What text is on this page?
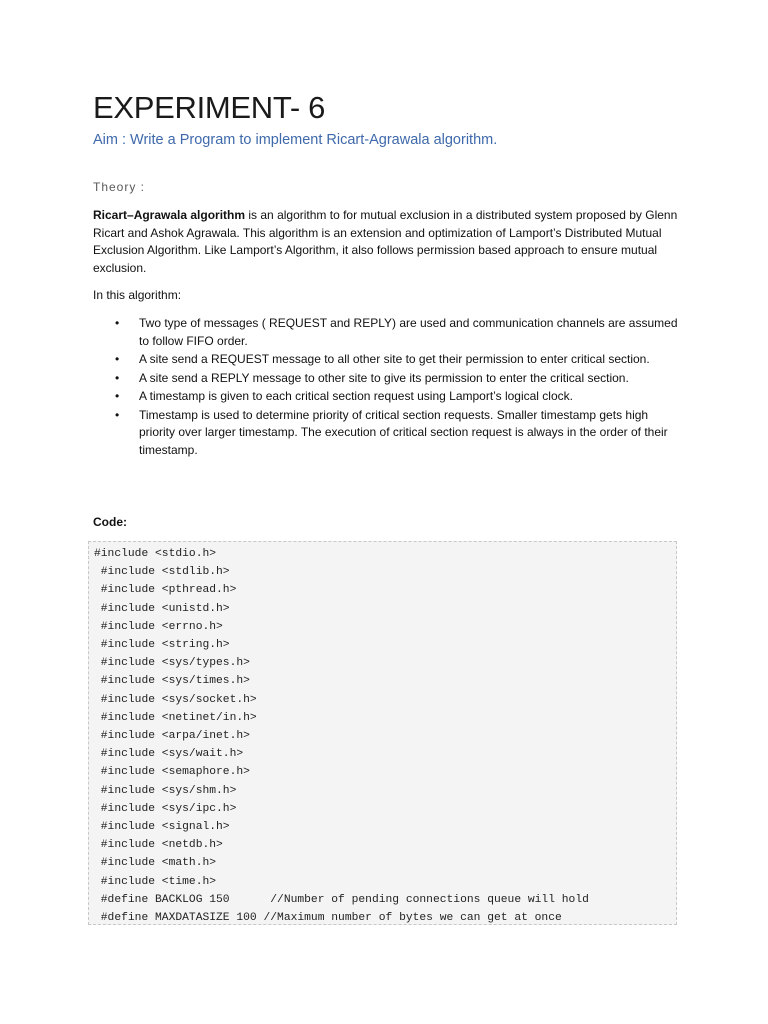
EXPERIMENT- 6

Aim : Write a Program to implement Ricart-Agrawala algorithm.

Theory :

Ricart–Agrawala algorithm is an algorithm to for mutual exclusion in a distributed system proposed by Glenn Ricart and Ashok Agrawala. This algorithm is an extension and optimization of Lamport’s Distributed Mutual Exclusion Algorithm. Like Lamport’s Algorithm, it also follows permission based approach to ensure mutual exclusion.

In this algorithm:

• Two type of messages ( REQUEST and REPLY) are used and communication channels are assumed to follow FIFO order.
• A site send a REQUEST message to all other site to get their permission to enter critical section.
• A site send a REPLY message to other site to give its permission to enter the critical section.
• A timestamp is given to each critical section request using Lamport’s logical clock.
• Timestamp is used to determine priority of critical section requests. Smaller timestamp gets high priority over larger timestamp. The execution of critical section request is always in the order of their timestamp.

Code:

#include <stdio.h>
#include <stdlib.h>
#include <pthread.h>
#include <unistd.h>
#include <errno.h>
#include <string.h>
#include <sys/types.h>
#include <sys/times.h>
#include <sys/socket.h>
#include <netinet/in.h>
#include <arpa/inet.h>
#include <sys/wait.h>
#include <semaphore.h>
#include <sys/shm.h>
#include <sys/ipc.h>
#include <signal.h>
#include <netdb.h>
#include <math.h>
#include <time.h>
#define BACKLOG 150      //Number of pending connections queue will hold
#define MAXDATASIZE 100 //Maximum number of bytes we can get at once
